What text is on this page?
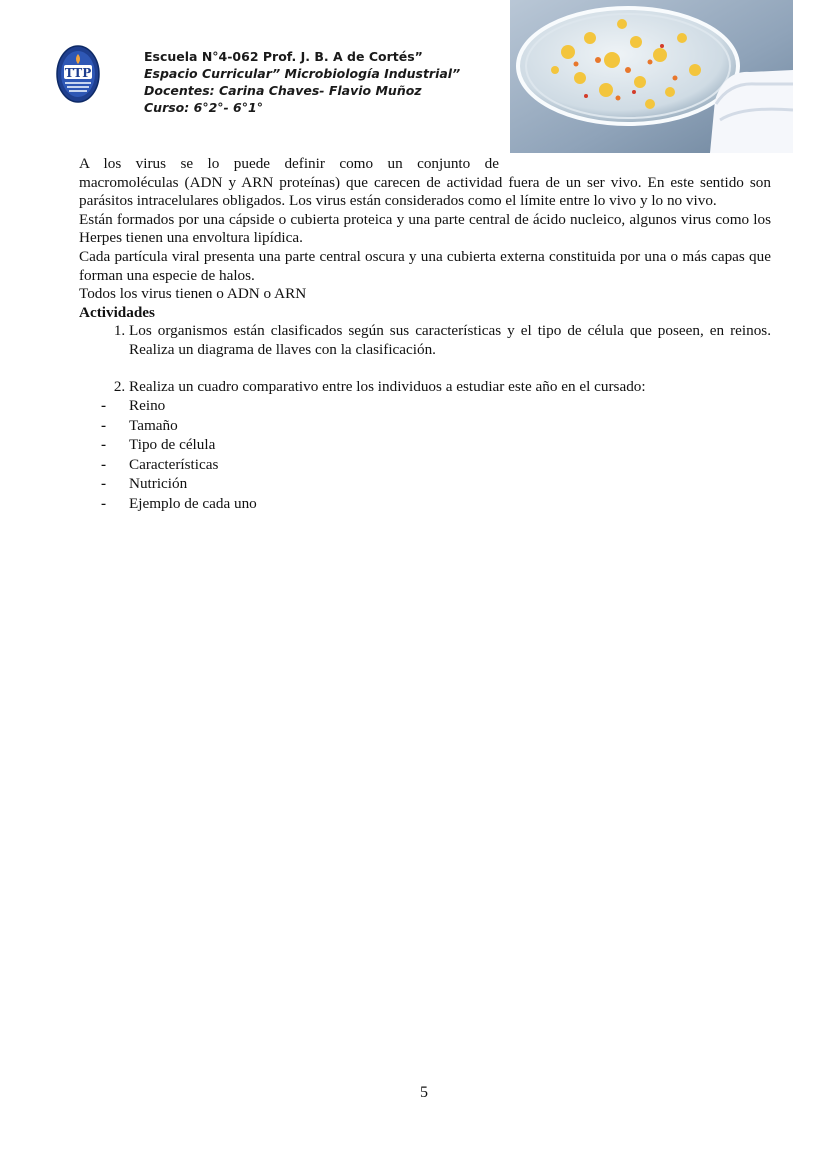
TTP
Escuela N°4-062 Prof. J. B. A de Cortés”
Espacio Curricular” Microbiología Industrial”
Docentes: Carina Chaves- Flavio Muñoz
Curso: 6°2°- 6°1°

A los virus se lo puede definir como un conjunto de
macromoléculas (ADN y ARN proteínas) que carecen de actividad fuera de un ser vivo. En este sentido son parásitos intracelulares obligados. Los virus están considerados como el límite entre lo vivo y lo no vivo.

Están formados por una cápside o cubierta proteica y una parte central de ácido nucleico, algunos virus como los Herpes tienen una envoltura lipídica.

Cada partícula viral presenta una parte central oscura y una cubierta externa constituida por una o más capas que forman una especie de halos.

Todos los virus tienen o ADN o ARN

Actividades

1. Los organismos están clasificados según sus características y el tipo de célula que poseen, en reinos. Realiza un diagrama de llaves con la clasificación.
2. Realiza un cuadro comparativo entre los individuos a estudiar este año en el cursado:
- Reino
- Tamaño
- Tipo de célula
- Características
- Nutrición
- Ejemplo de cada uno
5
